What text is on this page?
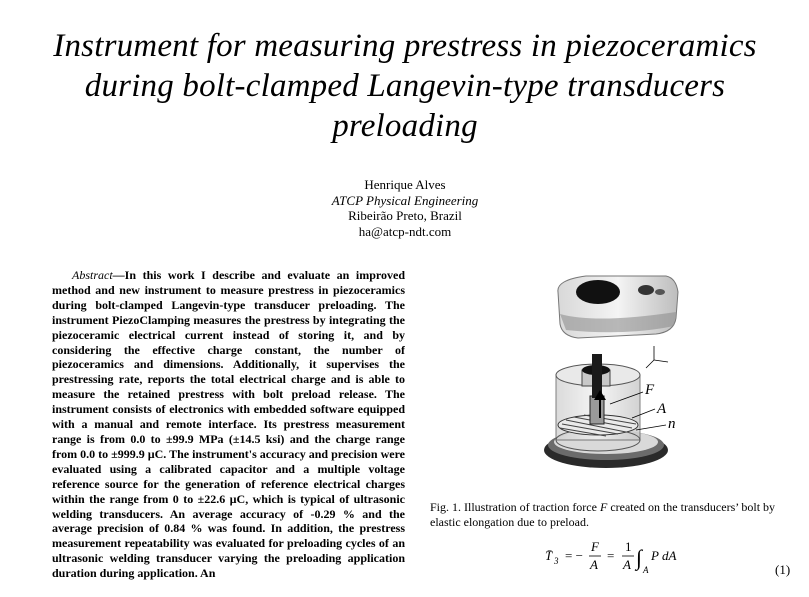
Instrument for measuring prestress in piezoceramics during bolt-clamped Langevin-type transducers preloading
Henrique Alves
ATCP Physical Engineering
Ribeirão Preto, Brazil
ha@atcp-ndt.com
Abstract—In this work I describe and evaluate an improved method and new instrument to measure prestress in piezoceramics during bolt-clamped Langevin-type transducer preloading. The instrument PiezoClamping measures the prestress by integrating the piezoceramic electrical current instead of storing it, and by considering the effective charge constant, the number of piezoceramics and dimensions. Additionally, it supervises the prestressing rate, reports the total electrical charge and is able to measure the retained prestress with bolt preload release. The instrument consists of electronics with embedded software equipped with a manual and remote interface. Its prestress measurement range is from 0.0 to ±99.9 MPa (±14.5 ksi) and the charge range from 0.0 to ±999.9 µC. The instrument's accuracy and precision were evaluated using a calibrated capacitor and a multiple voltage reference source for the generation of reference electrical charges within the range from 0 to ±22.6 µC, which is typical of ultrasonic welding transducers. An average accuracy of -0.29 % and the average precision of 0.84 % was found. In addition, the prestress measurement repeatability was evaluated for preloading cycles of an ultrasonic welding transducer varying the preloading application duration during application. An
F
A
n
Fig. 1. Illustration of traction force F created on the transducers’ bolt by elastic elongation due to preload.
T̄ 3 = −
F
A
=
1
A ∫ A
P dA
(1)
